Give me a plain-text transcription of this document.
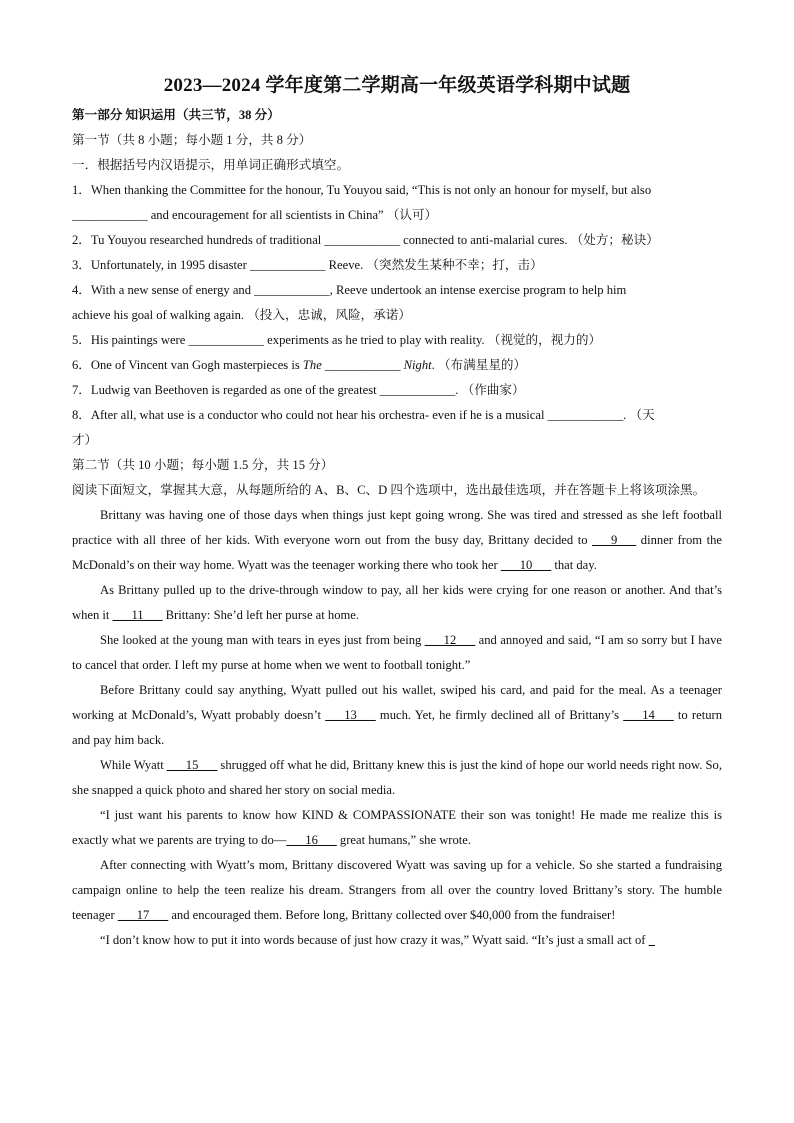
2023—2024 学年度第二学期高一年级英语学科期中试题

第一部分 知识运用（共三节，38 分）

第一节（共 8 小题；每小题 1 分，共 8 分）

一．根据括号内汉语提示，用单词正确形式填空。

1．When thanking the Committee for the honour, Tu Youyou said, “This is not only an honour for myself, but also

____________ and encouragement for all scientists in China” （认可）

2．Tu Youyou researched hundreds of traditional ____________ connected to anti-malarial cures. （处方；秘诀）

3．Unfortunately, in 1995 disaster ____________ Reeve. （突然发生某种不幸；打，击）

4．With a new sense of energy and ____________, Reeve undertook an intense exercise program to help him

achieve his goal of walking again. （投入，忠诚，风险，承诺）

5．His paintings were ____________ experiments as he tried to play with reality. （视觉的，视力的）

6．One of Vincent van Gogh masterpieces is The ____________ Night. （布满星星的）

7．Ludwig van Beethoven is regarded as one of the greatest ____________. （作曲家）

8．After all, what use is a conductor who could not hear his orchestra- even if he is a musical ____________. （天

才）

第二节（共 10 小题；每小题 1.5 分，共 15 分）

阅读下面短文，掌握其大意，从每题所给的 A、B、C、D 四个选项中，选出最佳选项，并在答题卡上将该项涂黑。

Brittany was having one of those days when things just kept going wrong. She was tired and stressed as she left football practice with all three of her kids. With everyone worn out from the busy day, Brittany decided to ___9___ dinner from the McDonald’s on their way home. Wyatt was the teenager working there who took her ___10___ that day.

As Brittany pulled up to the drive-through window to pay, all her kids were crying for one reason or another. And that’s when it ___11___ Brittany: She’d left her purse at home.

She looked at the young man with tears in eyes just from being ___12___ and annoyed and said, “I am so sorry but I have to cancel that order. I left my purse at home when we went to football tonight.”

Before Brittany could say anything, Wyatt pulled out his wallet, swiped his card, and paid for the meal. As a teenager working at McDonald’s, Wyatt probably doesn’t ___13___ much. Yet, he firmly declined all of Brittany’s ___14___ to return and pay him back.

While Wyatt ___15___ shrugged off what he did, Brittany knew this is just the kind of hope our world needs right now. So, she snapped a quick photo and shared her story on social media.

“I just want his parents to know how KIND & COMPASSIONATE their son was tonight! He made me realize this is exactly what we parents are trying to do—___16___ great humans,” she wrote.

After connecting with Wyatt’s mom, Brittany discovered Wyatt was saving up for a vehicle. So she started a fundraising campaign online to help the teen realize his dream. Strangers from all over the country loved Brittany’s story. The humble teenager ___17___ and encouraged them. Before long, Brittany collected over $40,000 from the fundraiser!

“I don’t know how to put it into words because of just how crazy it was,” Wyatt said. “It’s just a small act of _
